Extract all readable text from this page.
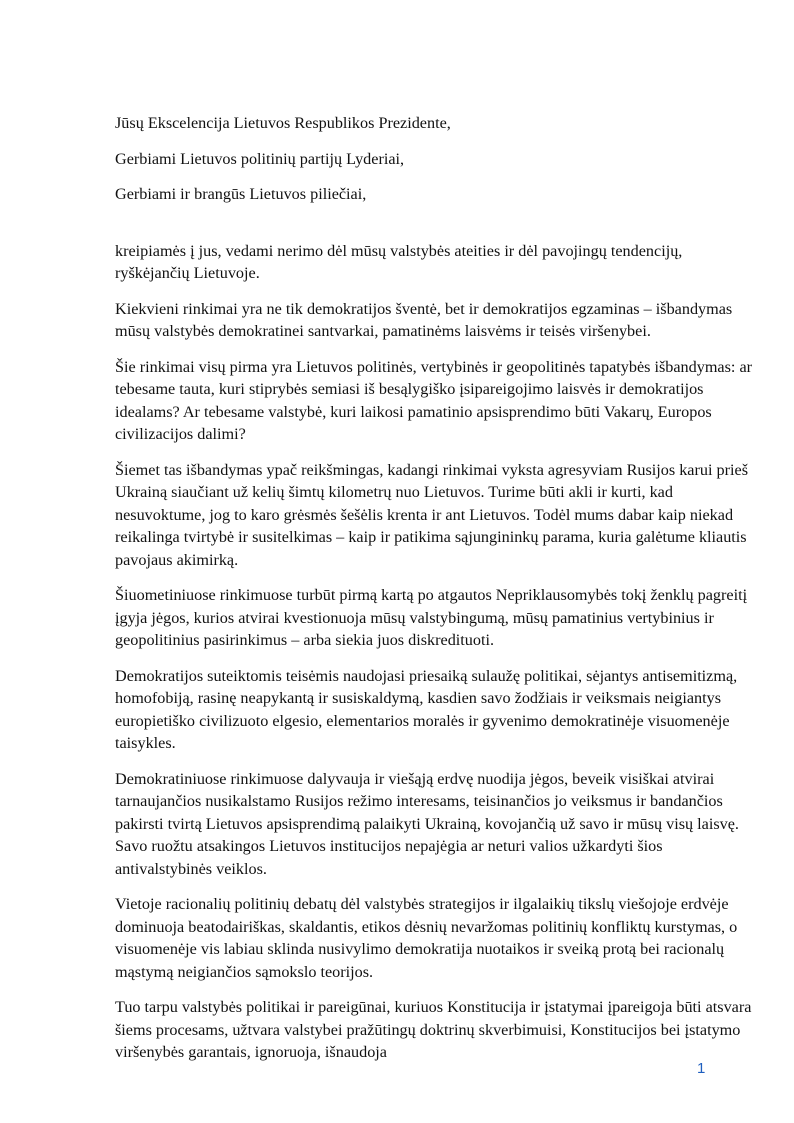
Jūsų Ekscelencija Lietuvos Respublikos Prezidente,

Gerbiami Lietuvos politinių partijų Lyderiai,

Gerbiami ir brangūs Lietuvos piliečiai,

kreipiamės į jus, vedami nerimo dėl mūsų valstybės ateities ir dėl pavojingų tendencijų, ryškėjančių Lietuvoje.

Kiekvieni rinkimai yra ne tik demokratijos šventė, bet ir demokratijos egzaminas – išbandymas mūsų valstybės demokratinei santvarkai, pamatinėms laisvėms ir teisės viršenybei.

Šie rinkimai visų pirma yra Lietuvos politinės, vertybinės ir geopolitinės tapatybės išbandymas: ar tebesame tauta, kuri stiprybės semiasi iš besąlygiško įsipareigojimo laisvės ir demokratijos idealams? Ar tebesame valstybė, kuri laikosi pamatinio apsisprendimo būti Vakarų, Europos civilizacijos dalimi?

Šiemet tas išbandymas ypač reikšmingas, kadangi rinkimai vyksta agresyviam Rusijos karui prieš Ukrainą siaučiant už kelių šimtų kilometrų nuo Lietuvos. Turime būti akli ir kurti, kad nesuvoktume, jog to karo grėsmės šešėlis krenta ir ant Lietuvos. Todėl mums dabar kaip niekad reikalinga tvirtybė ir susitelkimas – kaip ir patikima sąjungininkų parama, kuria galėtume kliautis pavojaus akimirką.

Šiuometiniuose rinkimuose turbūt pirmą kartą po atgautos Nepriklausomybės tokį ženklų pagreitį įgyja jėgos, kurios atvirai kvestionuoja mūsų valstybingumą, mūsų pamatinius vertybinius ir geopolitinius pasirinkimus – arba siekia juos diskredituoti.

Demokratijos suteiktomis teisėmis naudojasi priesaiką sulaužę politikai, sėjantys antisemitizmą, homofobiją, rasinę neapykantą ir susiskaldymą, kasdien savo žodžiais ir veiksmais neigiantys europietiško civilizuoto elgesio, elementarios moralės ir gyvenimo demokratinėje visuomenėje taisykles.

Demokratiniuose rinkimuose dalyvauja ir viešąją erdvę nuodija jėgos, beveik visiškai atvirai tarnaujančios nusikalstamo Rusijos režimo interesams, teisinančios jo veiksmus ir bandančios pakirsti tvirtą Lietuvos apsisprendimą palaikyti Ukrainą, kovojančią už savo ir mūsų visų laisvę. Savo ruožtu atsakingos Lietuvos institucijos nepajėgia ar neturi valios užkardyti šios antivalstybinės veiklos.

Vietoje racionalių politinių debatų dėl valstybės strategijos ir ilgalaikių tikslų viešojoje erdvėje dominuoja beatodairiškas, skaldantis, etikos dėsnių nevaržomas politinių konfliktų kurstymas, o visuomenėje vis labiau sklinda nusivylimo demokratija nuotaikos ir sveiką protą bei racionalų mąstymą neigiančios sąmokslo teorijos.

Tuo tarpu valstybės politikai ir pareigūnai, kuriuos Konstitucija ir įstatymai įpareigoja būti atsvara šiems procesams, užtvara valstybei pražūtingų doktrinų skverbimuisi, Konstitucijos bei įstatymo viršenybės garantais, ignoruoja, išnaudoja

1
